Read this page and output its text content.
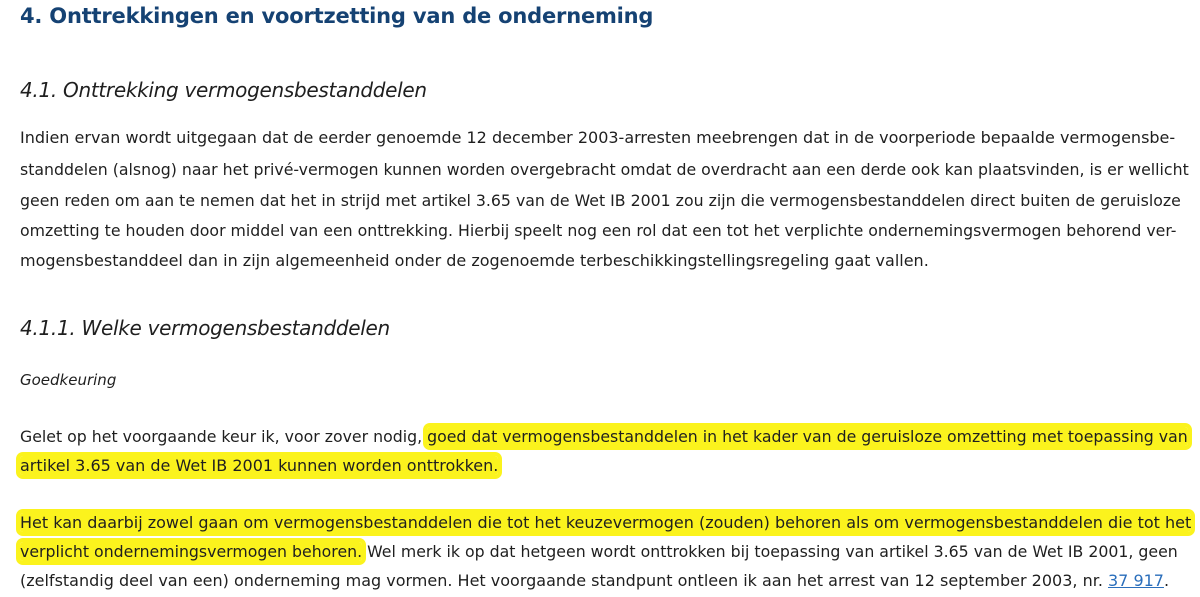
4. Onttrekkingen en voortzetting van de onderneming
4.1. Onttrekking vermogensbestanddelen

Indien ervan wordt uitgegaan dat de eerder genoemde 12 december 2003-arresten meebrengen dat in de voorperiode bepaalde vermogensbe-

standdelen (alsnog) naar het privé-vermogen kunnen worden overgebracht omdat de overdracht aan een derde ook kan plaatsvinden, is er wellicht

geen reden om aan te nemen dat het in strijd met artikel 3.65 van de Wet IB 2001 zou zijn die vermogensbestanddelen direct buiten de geruisloze

omzetting te houden door middel van een onttrekking. Hierbij speelt nog een rol dat een tot het verplichte ondernemingsvermogen behorend ver-

mogensbestanddeel dan in zijn algemeenheid onder de zogenoemde terbeschikkingstellingsregeling gaat vallen.

4.1.1. Welke vermogensbestanddelen

Goedkeuring

Gelet op het voorgaande keur ik, voor zover nodig, goed dat vermogensbestanddelen in het kader van de geruisloze omzetting met toepassing van

artikel 3.65 van de Wet IB 2001 kunnen worden onttrokken.

Het kan daarbij zowel gaan om vermogensbestanddelen die tot het keuzevermogen (zouden) behoren als om vermogensbestanddelen die tot het

verplicht ondernemingsvermogen behoren. Wel merk ik op dat hetgeen wordt onttrokken bij toepassing van artikel 3.65 van de Wet IB 2001, geen

(zelfstandig deel van een) onderneming mag vormen. Het voorgaande standpunt ontleen ik aan het arrest van 12 september 2003, nr. 37 917.
